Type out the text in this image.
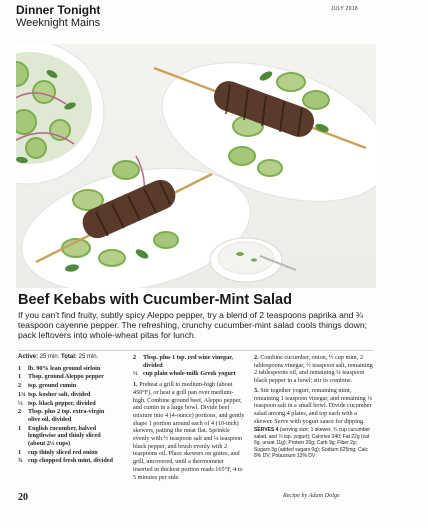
Dinner Tonight
Weeknight Mains
JULY 2018
Beef Kebabs with Cucumber-Mint Salad
If you can't find fruity, subtly spicy Aleppo pepper, try a blend of 2 teaspoons paprika and ¾ teaspoon cayenne pepper. The refreshing, crunchy cucumber-mint salad cools things down; pack leftovers into whole-wheat pitas for lunch.
Active: 25 min. Total: 25 min.
1	lb. 90% lean ground sirloin
1	Tbsp. ground Aleppo pepper
2	tsp. ground cumin
1¼ tsp. kosher salt, divided
½ tsp. black pepper, divided
2	Tbsp. plus 2 tsp. extra-virgin olive oil, divided
1	English cucumber, halved lengthwise and thinly sliced (about 2½ cups)
1	cup thinly sliced red onion
¾ cup chopped fresh mint, divided
2	Tbsp. plus 1 tsp. red wine vinegar, divided
½ cup plain whole-milk Greek yogurt
1. Preheat a grill to medium-high (about 450°F), or heat a grill pan over medium-high. Combine ground beef, Aleppo pepper, and cumin in a large bowl. Divide beef mixture into 4 (4-ounce) portions, and gently shape 1 portion around each of 4 (10-inch) skewers, patting the meat flat. Sprinkle evenly with ½ teaspoon salt and ¼ teaspoon black pepper, and brush evenly with 2 teaspoons oil. Place skewers on grates, and grill, uncovered, until a thermometer inserted in thickest portion reads 165°F, 4 to 5 minutes per side.
2. Combine cucumber, onion, ½ cup mint, 2 tablespoons vinegar, ½ teaspoon salt, remaining 2 tablespoons oil, and remaining ¼ teaspoon black pepper in a bowl; stir to combine.
3. Stir together yogurt, remaining mint, remaining 1 teaspoon vinegar, and remaining ¼ teaspoon salt in a small bowl. Divide cucumber salad among 4 plates, and top each with a skewer. Serve with yogurt sauce for dipping.
SERVES 4 (serving size: 1 skewer, ¾ cup cucumber salad, and ¼ tsp. yogurt); Calories 340; Fat 22g (sat 6g, unsat 11g); Protein 26g; Carb 9g; Fiber 2g; Sugars 3g (added sugars 0g); Sodium 625mg; Calc 8% DV; Potassium 13% DV
20	Recipe by Adam Dolge
